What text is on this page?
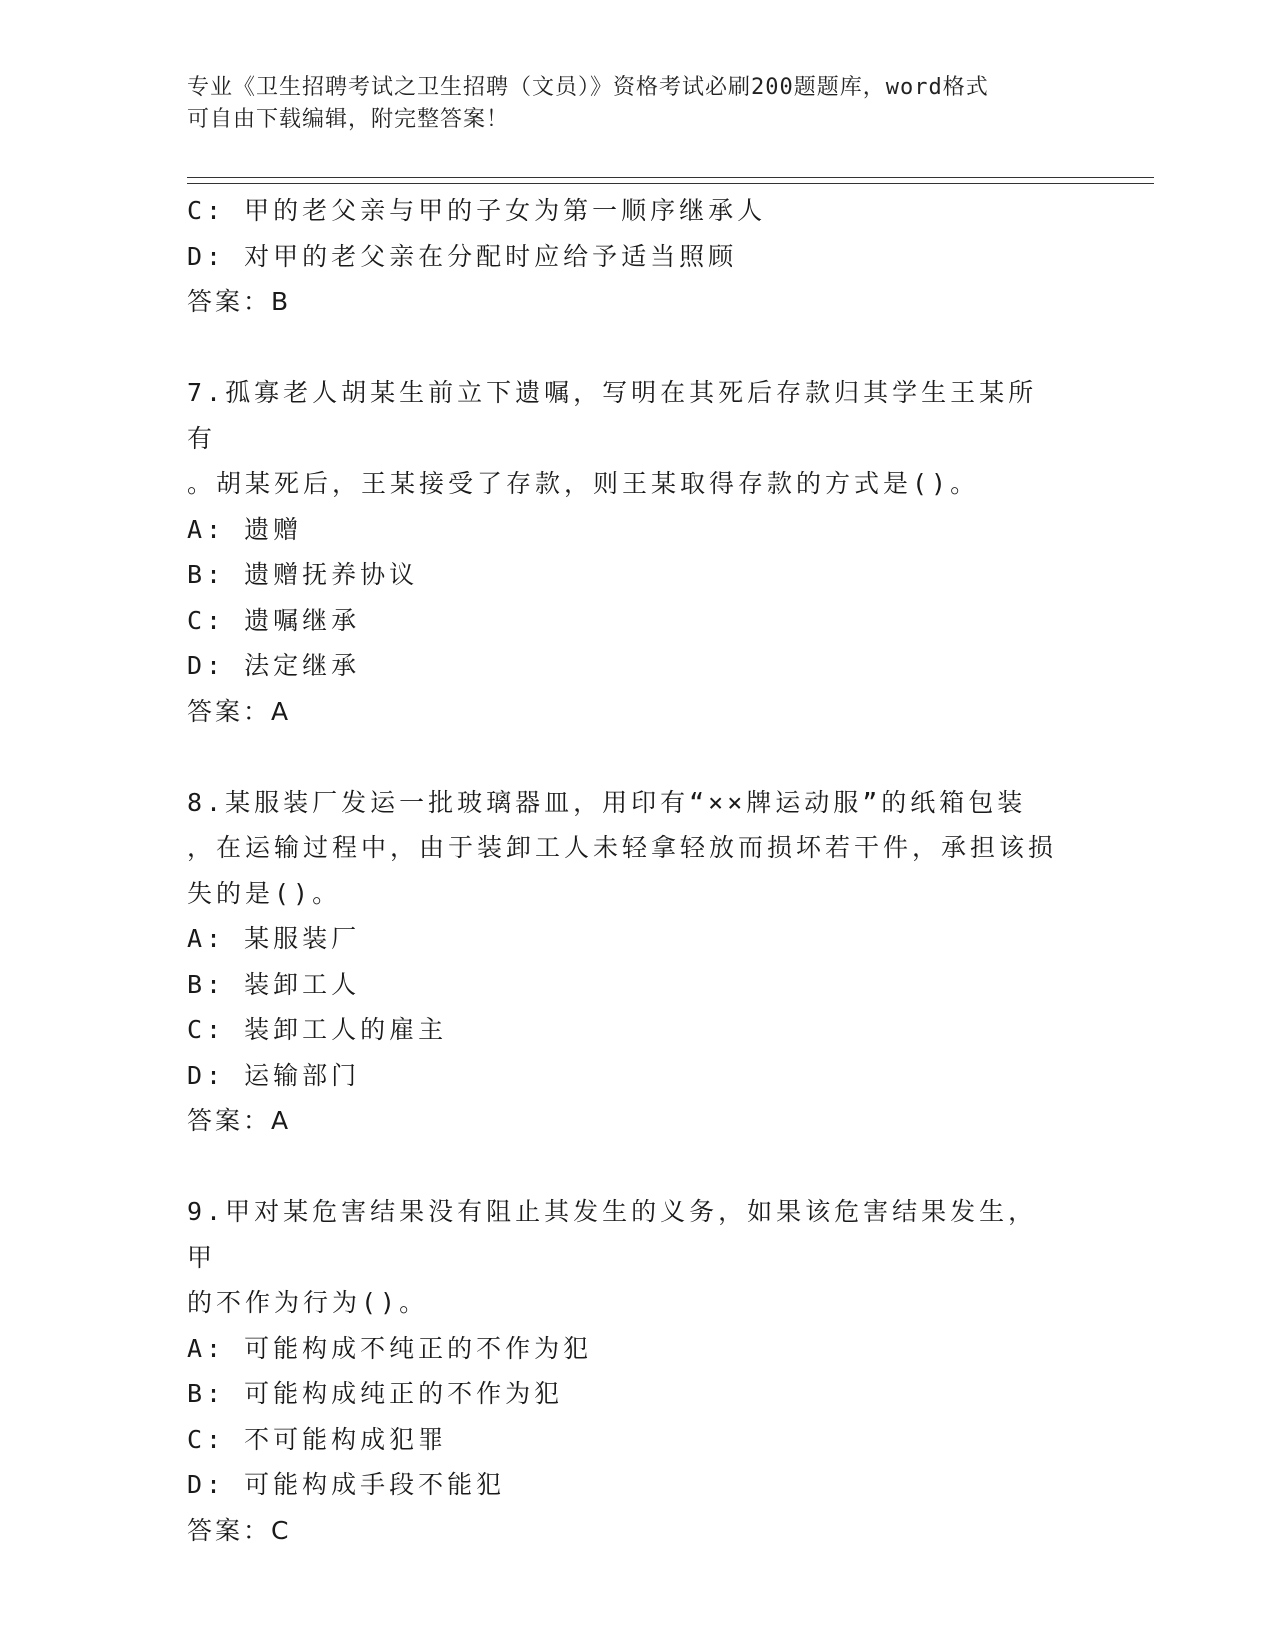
专业《卫生招聘考试之卫生招聘（文员）》资格考试必刷200题题库，word格式
可自由下载编辑，附完整答案！
C: 甲的老父亲与甲的子女为第一顺序继承人
D: 对甲的老父亲在分配时应给予适当照顾
答案：B
7.孤寡老人胡某生前立下遗嘱，写明在其死后存款归其学生王某所有
。胡某死后，王某接受了存款，则王某取得存款的方式是()。
A: 遗赠
B: 遗赠抚养协议
C: 遗嘱继承
D: 法定继承
答案：A
8.某服装厂发运一批玻璃器皿，用印有“××牌运动服”的纸箱包装
，在运输过程中，由于装卸工人未轻拿轻放而损坏若干件，承担该损
失的是()。
A: 某服装厂
B: 装卸工人
C: 装卸工人的雇主
D: 运输部门
答案：A
9.甲对某危害结果没有阻止其发生的义务，如果该危害结果发生，甲
的不作为行为()。
A: 可能构成不纯正的不作为犯
B: 可能构成纯正的不作为犯
C: 不可能构成犯罪
D: 可能构成手段不能犯
答案：C
